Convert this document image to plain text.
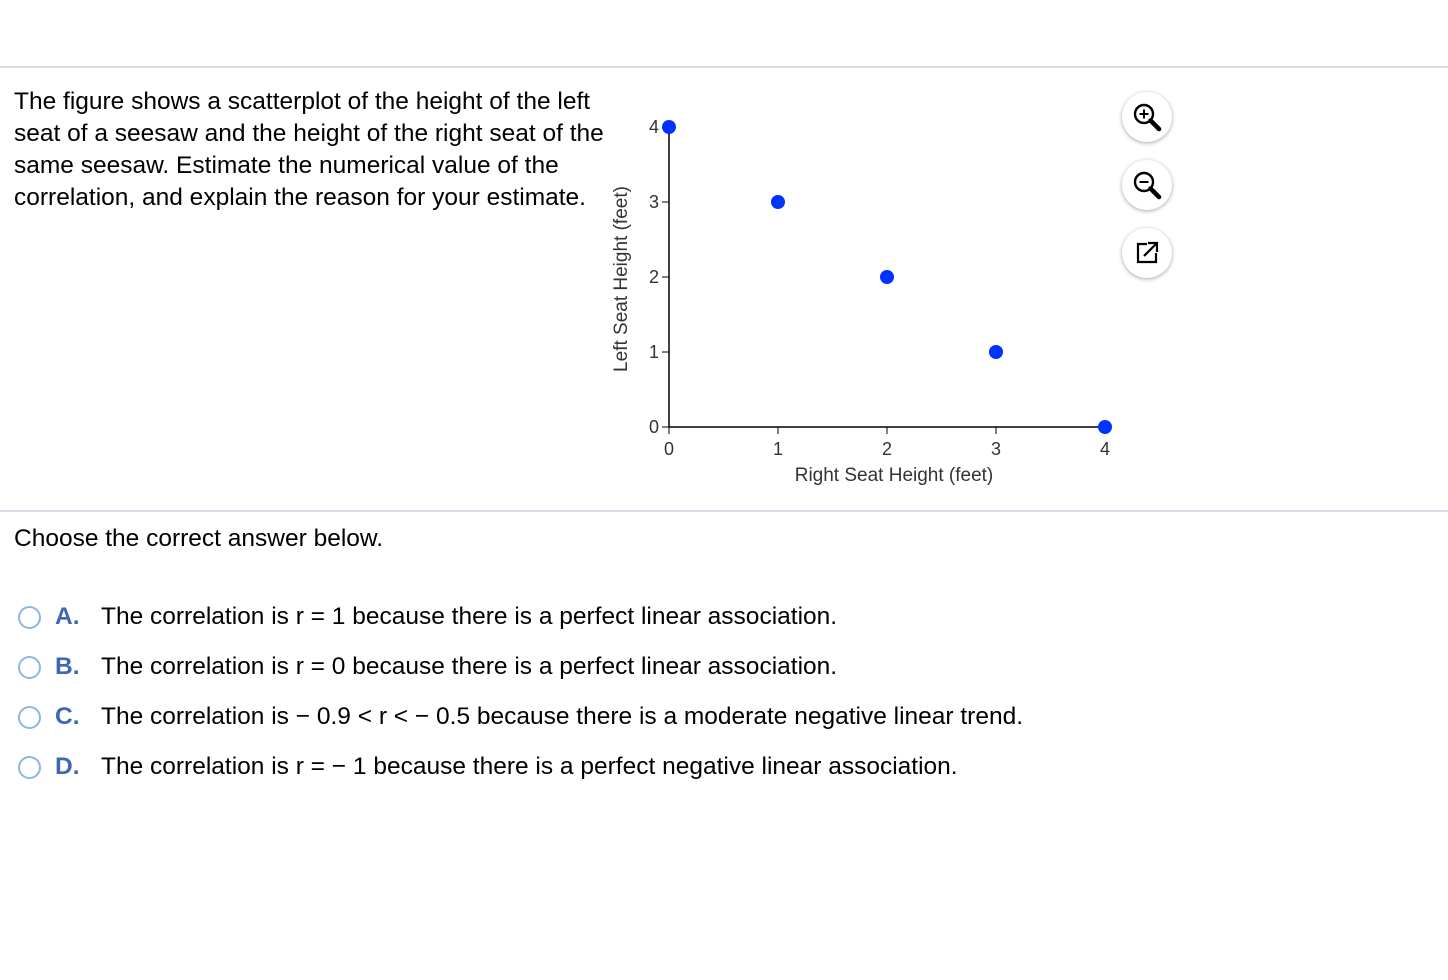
The figure shows a scatterplot of the height of the left seat of a seesaw and the height of the right seat of the same seesaw. Estimate the numerical value of the correlation, and explain the reason for your estimate.
0	1	2	3	4
0
1
2
3
4
Right Seat Height (feet)
Left Seat Height (feet)
Choose the correct answer below.
A. The correlation is r = 1 because there is a perfect linear association.
B. The correlation is r = 0 because there is a perfect linear association.
C. The correlation is − 0.9 < r < − 0.5 because there is a moderate negative linear trend.
D. The correlation is r = − 1 because there is a perfect negative linear association.
